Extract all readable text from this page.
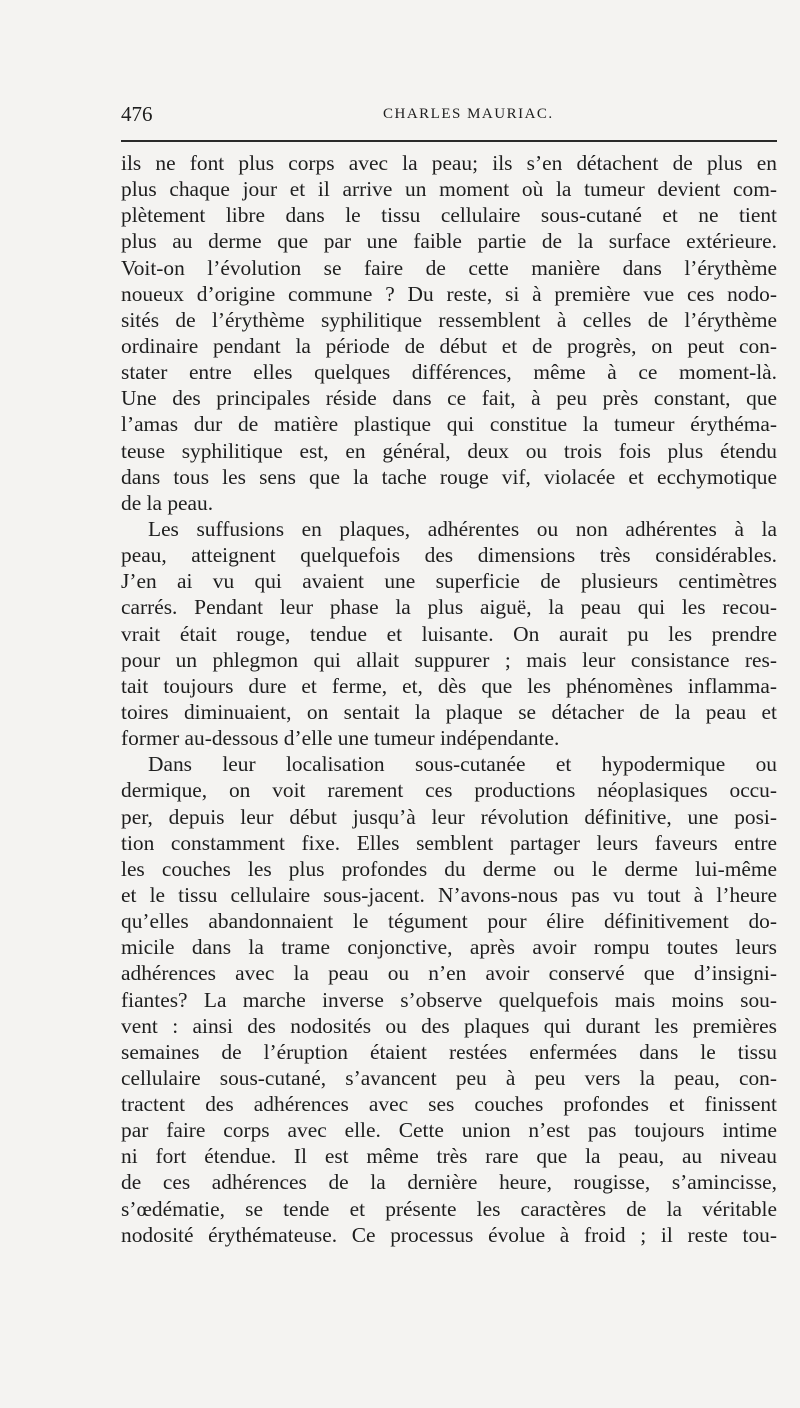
476	CHARLES MAURIAC.
ils ne font plus corps avec la peau; ils s’en détachent de plus en
plus chaque jour et il arrive un moment où la tumeur devient com-
plètement libre dans le tissu cellulaire sous-cutané et ne tient
plus au derme que par une faible partie de la surface extérieure.
Voit-on l’évolution se faire de cette manière dans l’érythème
noueux d’origine commune ? Du reste, si à première vue ces nodo-
sités de l’érythème syphilitique ressemblent à celles de l’érythème
ordinaire pendant la période de début et de progrès, on peut con-
stater entre elles quelques différences, même à ce moment-là.
Une des principales réside dans ce fait, à peu près constant, que
l’amas dur de matière plastique qui constitue la tumeur érythéma-
teuse syphilitique est, en général, deux ou trois fois plus étendu
dans tous les sens que la tache rouge vif, violacée et ecchymotique
de la peau.
Les suffusions en plaques, adhérentes ou non adhérentes à la
peau, atteignent quelquefois des dimensions très considérables.
J’en ai vu qui avaient une superficie de plusieurs centimètres
carrés. Pendant leur phase la plus aiguë, la peau qui les recou-
vrait était rouge, tendue et luisante. On aurait pu les prendre
pour un phlegmon qui allait suppurer ; mais leur consistance res-
tait toujours dure et ferme, et, dès que les phénomènes inflamma-
toires diminuaient, on sentait la plaque se détacher de la peau et
former au-dessous d’elle une tumeur indépendante.
Dans leur localisation sous-cutanée et hypodermique ou
dermique, on voit rarement ces productions néoplasiques occu-
per, depuis leur début jusqu’à leur révolution définitive, une posi-
tion constamment fixe. Elles semblent partager leurs faveurs entre
les couches les plus profondes du derme ou le derme lui-même
et le tissu cellulaire sous-jacent. N’avons-nous pas vu tout à l’heure
qu’elles abandonnaient le tégument pour élire définitivement do-
micile dans la trame conjonctive, après avoir rompu toutes leurs
adhérences avec la peau ou n’en avoir conservé que d’insigni-
fiantes? La marche inverse s’observe quelquefois mais moins sou-
vent : ainsi des nodosités ou des plaques qui durant les premières
semaines de l’éruption étaient restées enfermées dans le tissu
cellulaire sous-cutané, s’avancent peu à peu vers la peau, con-
tractent des adhérences avec ses couches profondes et finissent
par faire corps avec elle. Cette union n’est pas toujours intime
ni fort étendue. Il est même très rare que la peau, au niveau
de ces adhérences de la dernière heure, rougisse, s’amincisse,
s’œdématie, se tende et présente les caractères de la véritable
nodosité érythémateuse. Ce processus évolue à froid ; il reste tou-
